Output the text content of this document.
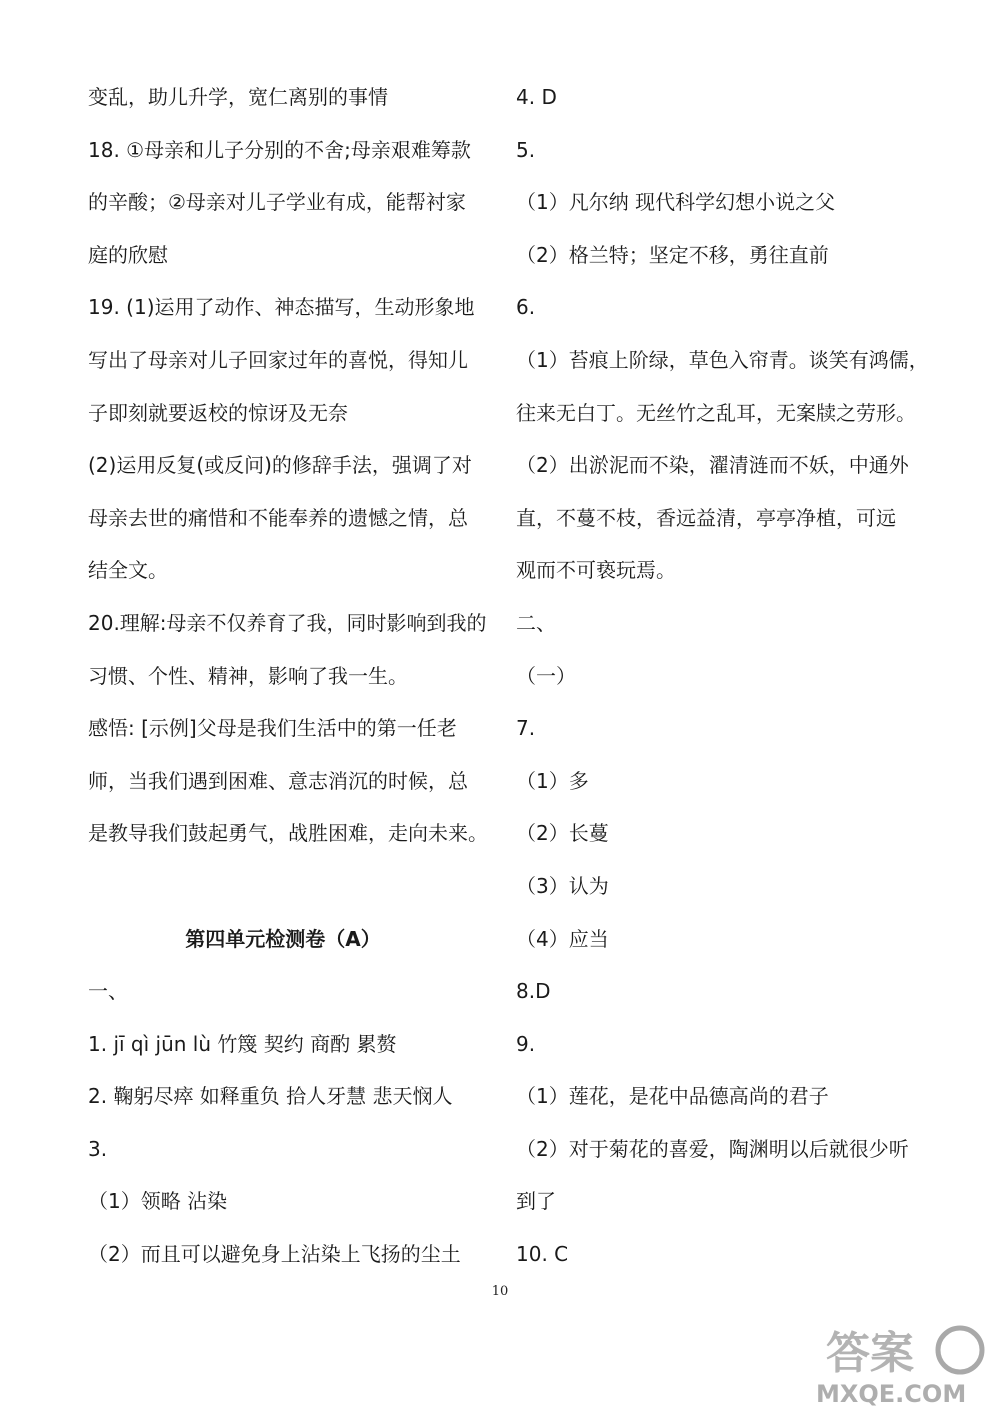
变乱，助儿升学，宽仁离别的事情
18. ①母亲和儿子分别的不舍;母亲艰难筹款
的辛酸；②母亲对儿子学业有成，能帮衬家
庭的欣慰
19. (1)运用了动作、神态描写，生动形象地
写出了母亲对儿子回家过年的喜悦，得知儿
子即刻就要返校的惊讶及无奈
(2)运用反复(或反问)的修辞手法，强调了对
母亲去世的痛惜和不能奉养的遗憾之情，总
结全文。
20.理解:母亲不仅养育了我，同时影响到我的
习惯、个性、精神，影响了我一生。
感悟: [示例]父母是我们生活中的第一任老
师，当我们遇到困难、意志消沉的时候，总
是教导我们鼓起勇气，战胜困难，走向未来。
第四单元检测卷（A）
一、
1. jī qì jūn lù 竹篾 契约 商酌 累赘
2. 鞠躬尽瘁 如释重负 拾人牙慧 悲天悯人
3.
（1）领略 沾染
（2）而且可以避免身上沾染上飞扬的尘土
4. D
5.
（1）凡尔纳 现代科学幻想小说之父
（2）格兰特；坚定不移，勇往直前
6.
（1）苔痕上阶绿，草色入帘青。谈笑有鸿儒，
往来无白丁。无丝竹之乱耳，无案牍之劳形。
（2）出淤泥而不染，濯清涟而不妖，中通外
直，不蔓不枝，香远益清，亭亭净植，可远
观而不可亵玩焉。
二、
（一）
7.
（1）多
（2）长蔓
（3）认为
（4）应当
8.D
9.
（1）莲花，是花中品德高尚的君子
（2）对于菊花的喜爱，陶渊明以后就很少听
到了
10. C
10
答案
MXQE.COM
